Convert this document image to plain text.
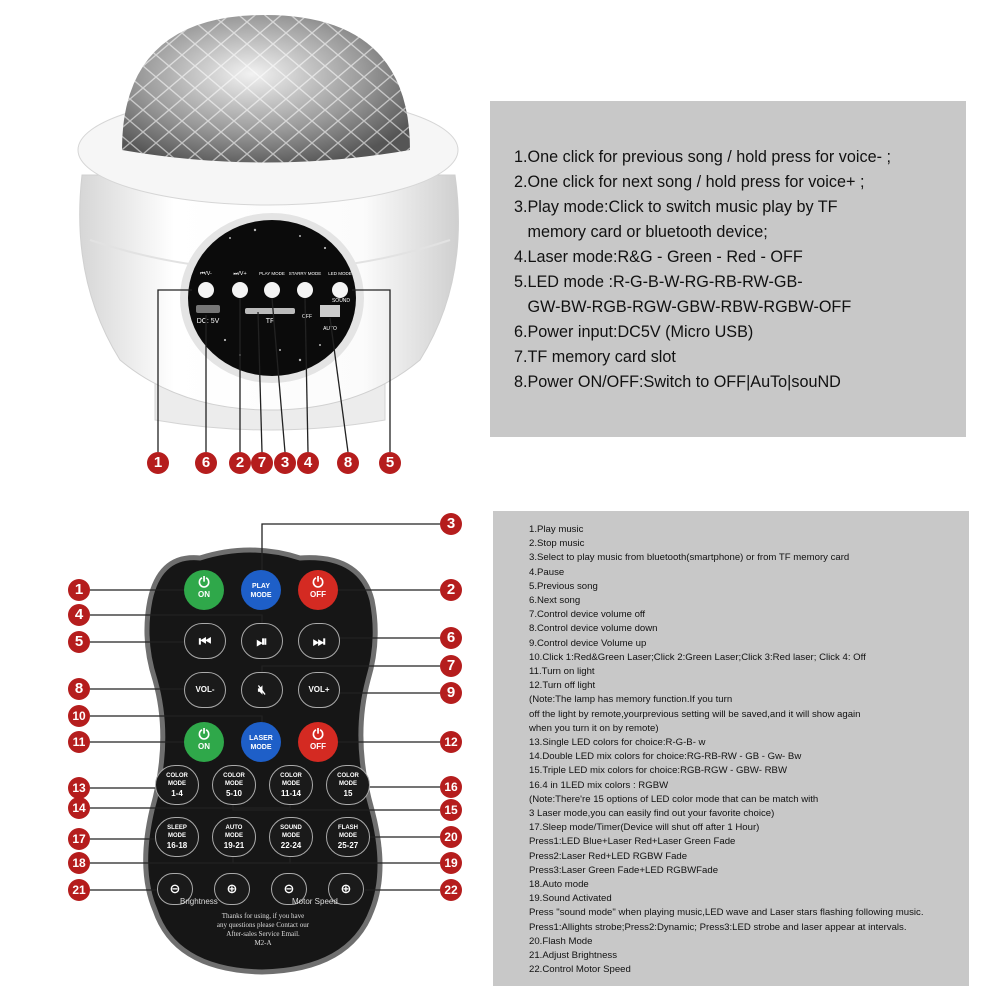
⏮/V-	⏭/V+	PLAY MODE STARRY MODE LED MODE
DC: 5V	TF
OFF
SOUND
AUTO
1	6	2 7 3 4	8	5
1.One click for previous song / hold press for voice- ;
2.One click for next song / hold press for voice+ ;
3.Play mode:Click to switch music play by TF
memory card or bluetooth device;
4.Laser mode:R&G - Green - Red - OFF
5.LED mode :R-G-B-W-RG-RB-RW-GB-
GW-BW-RGB-RGW-GBW-RBW-RGBW-OFF
6.Power input:DC5V (Micro USB)
7.TF memory card slot
8.Power ON/OFF:Switch to OFF|AuTo|souND
⏻
ON
PLAY
MODE
⏻
OFF
⏮	⏯	⏭
VOL-	🔇︎	VOL+
⏻
ON
LASER
MODE
⏻
OFF
COLOR
MODE
1-4
COLOR
MODE
5-10
COLOR
MODE
11-14
COLOR
MODE
15
SLEEP
MODE
16-18
AUTO
MODE
19-21
SOUND
MODE
22-24
FLASH
MODE
25-27
⊖	⊕	⊖	⊕
Brightness	Motor Speed
Thanks for using, if you have
any questions please Contact our
After-sales Service Email.
M2-A
1
4
5
8
10
11
13
14
17
18
21
3
2
6
7
9
12
16
15
20
19
22
1.Play music
2.Stop music
3.Select to play music from bluetooth(smartphone) or from TF memory card
4.Pause
5.Previous song
6.Next song
7.Control device volume off
8.Control device volume down
9.Control device Volume up
10.Click 1:Red&Green Laser;Click 2:Green Laser;Click 3:Red laser; Click 4: Off
11.Turn on light
12.Turn off light
(Note:The lamp has memory function.If you turn
off the light by remote,yourprevious setting will be saved,and it will show again
when you turn it on by remote)
13.Single LED colors for choice:R-G-B- w
14.Double LED mix colors for choice:RG-RB-RW - GB - Gw- Bw
15.Triple LED mix colors for choice:RGB-RGW - GBW- RBW
16.4 in 1LED mix colors : RGBW
(Note:There're 15 options of LED color mode that can be match with
3 Laser mode,you can easily find out your favorite choice)
17.Sleep mode/Timer(Device will shut off after 1 Hour)
Press1:LED Blue+Laser Red+Laser Green Fade
Press2:Laser Red+LED RGBW Fade
Press3:Laser Green Fade+LED RGBWFade
18.Auto mode
19.Sound Activated
Press "sound mode" when playing music,LED wave and Laser stars flashing following music.
Press1:Allights strobe;Press2:Dynamic; Press3:LED strobe and laser appear at intervals.
20.Flash Mode
21.Adjust Brightness
22.Control Motor Speed
